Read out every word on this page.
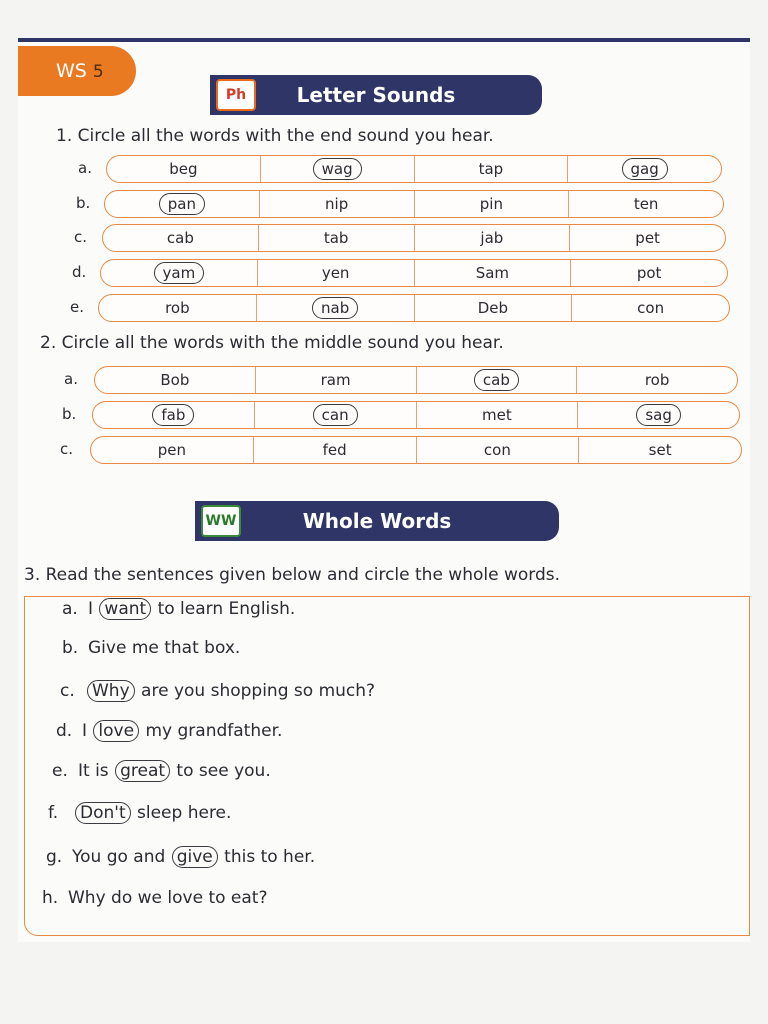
WS 5
Ph	Letter Sounds
1. Circle all the words with the end sound you hear.
a.	beg	wag	tap	gag
b.	pan	nip	pin	ten
c.	cab	tab	jab	pet
d.	yam	yen	Sam	pot
e.	rob	nab	Deb	con
2. Circle all the words with the middle sound you hear.
a.	Bob	ram	cab	rob
b.	fab	can	met	sag
c.	pen	fed	con	set
WW	Whole Words
3. Read the sentences given below and circle the whole words.
a. I want to learn English.
b. Give me that box.
c.	Why are you shopping so much?
d. I love my grandfather.
e. It is great to see you.
f.	Don't sleep here.
g. You go and give this to her.
h. Why do we love to eat?
